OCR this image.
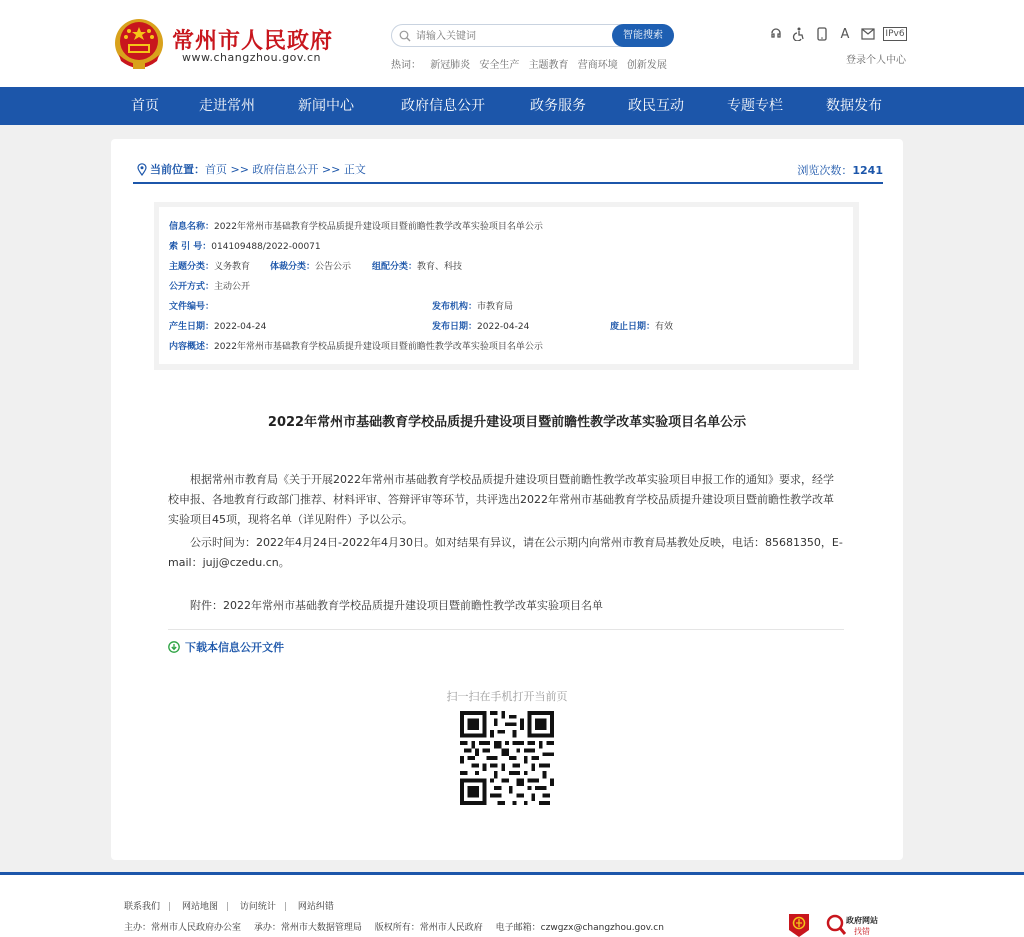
常州市人民政府
www.changzhou.gov.cn
请输入关键词
智能搜索
热词： 新冠肺炎 安全生产 主题教育 营商环境 创新发展
A	IPv6
登录个人中心
首页	走进常州	新闻中心	政府信息公开	政务服务	政民互动	专题专栏	数据发布
当前位置： 首页 >> 政府信息公开 >> 正文	浏览次数：1241
信息名称：2022年常州市基础教育学校品质提升建设项目暨前瞻性教学改革实验项目名单公示
索 引 号：014109488/2022-00071
主题分类：义务教育 体裁分类：公告公示 组配分类：教育、科技
公开方式：主动公开
文件编号：	发布机构：市教育局
产生日期：2022-04-24	发布日期：2022-04-24	废止日期：有效
内容概述：2022年常州市基础教育学校品质提升建设项目暨前瞻性教学改革实验项目名单公示
2022年常州市基础教育学校品质提升建设项目暨前瞻性教学改革实验项目名单公示
根据常州市教育局《关于开展2022年常州市基础教育学校品质提升建设项目暨前瞻性教学改革实验项目申报工作的通知》要求，经学校申报、各地教育行政部门推荐、材料评审、答辩评审等环节，共评选出2022年常州市基础教育学校品质提升建设项目暨前瞻性教学改革实验项目45项，现将名单（详见附件）予以公示。
公示时间为：2022年4月24日-2022年4月30日。如对结果有异议，请在公示期内向常州市教育局基教处反映，电话：85681350，E-mail：jujj@czedu.cn。
附件：2022年常州市基础教育学校品质提升建设项目暨前瞻性教学改革实验项目名单
下载本信息公开文件
扫一扫在手机打开当前页
联系我们 | 网站地图 | 访问统计 | 网站纠错
主办：常州市人民政府办公室 承办：常州市大数据管理局 版权所有：常州市人民政府 电子邮箱：czwgzx@changzhou.gov.cn
政府网站
找错
